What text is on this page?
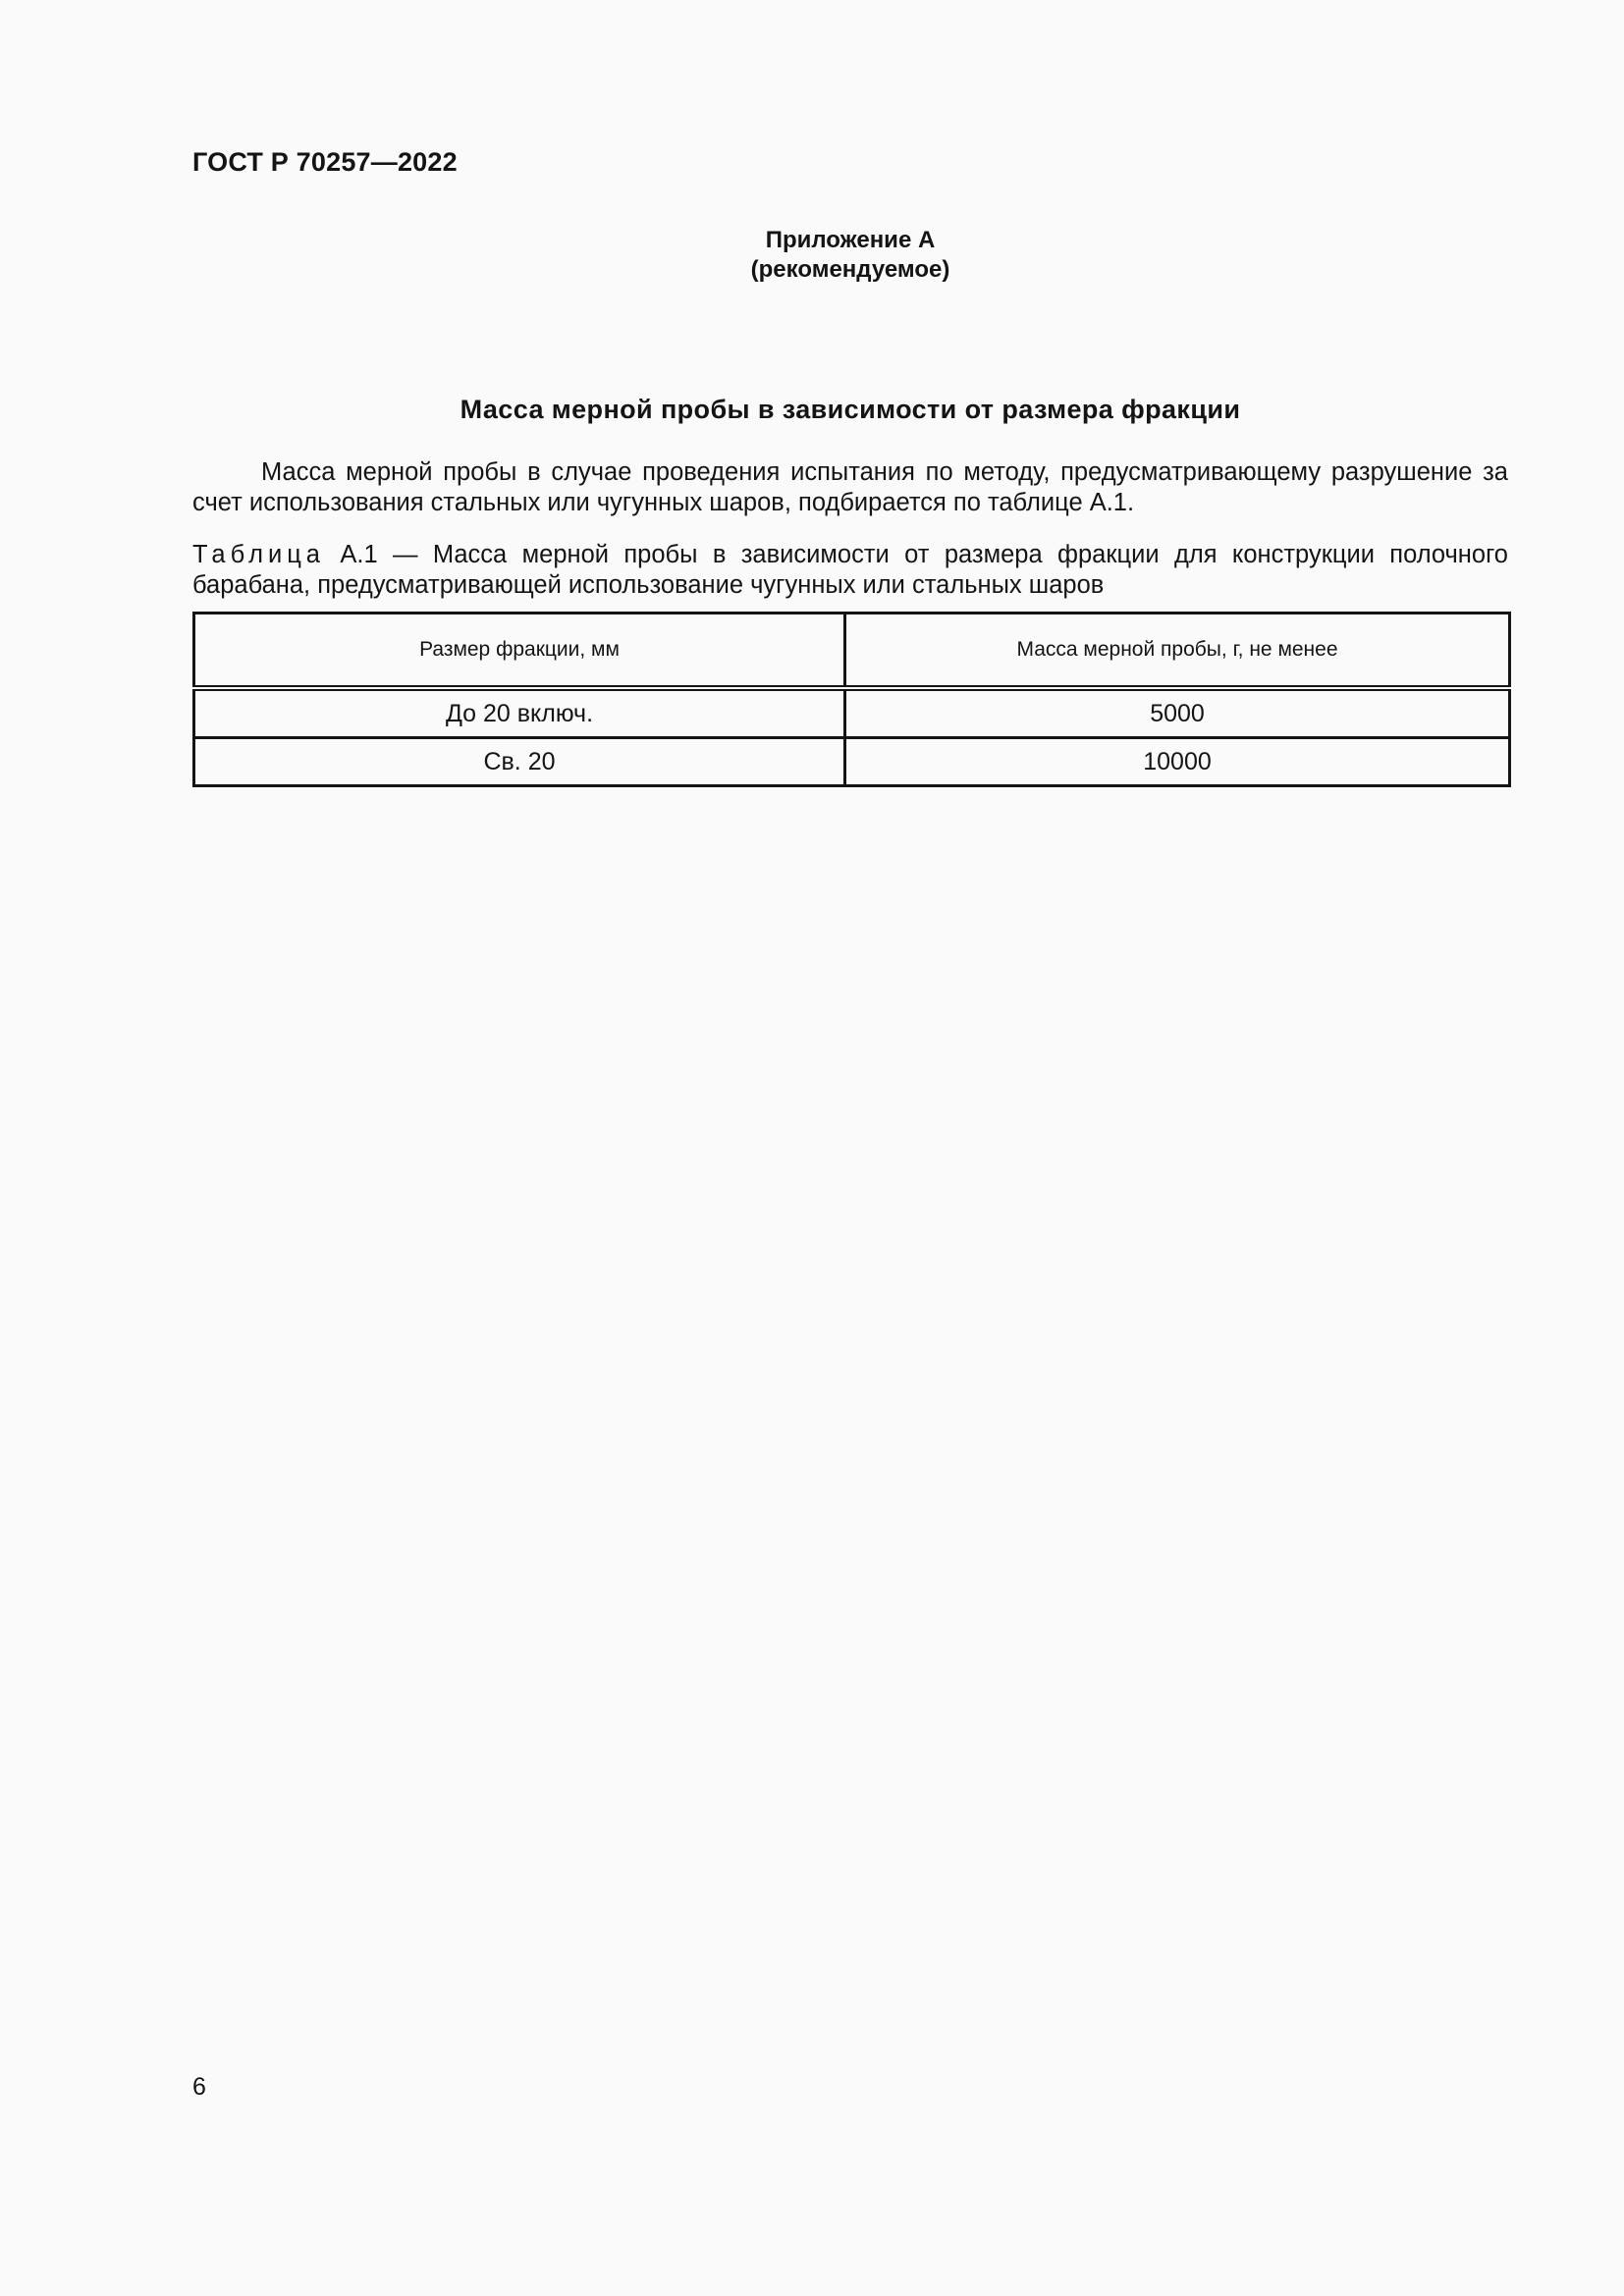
ГОСТ Р 70257—2022
Приложение А
(рекомендуемое)
Масса мерной пробы в зависимости от размера фракции
Масса мерной пробы в случае проведения испытания по методу, предусматривающему разрушение за счет использования стальных или чугунных шаров, подбирается по таблице А.1.
Таблица А.1 — Масса мерной пробы в зависимости от размера фракции для конструкции полочного барабана, предусматривающей использование чугунных или стальных шаров
Размер фракции, мм	Масса мерной пробы, г, не менее
До 20 включ.	5000
Св. 20	10000
6
